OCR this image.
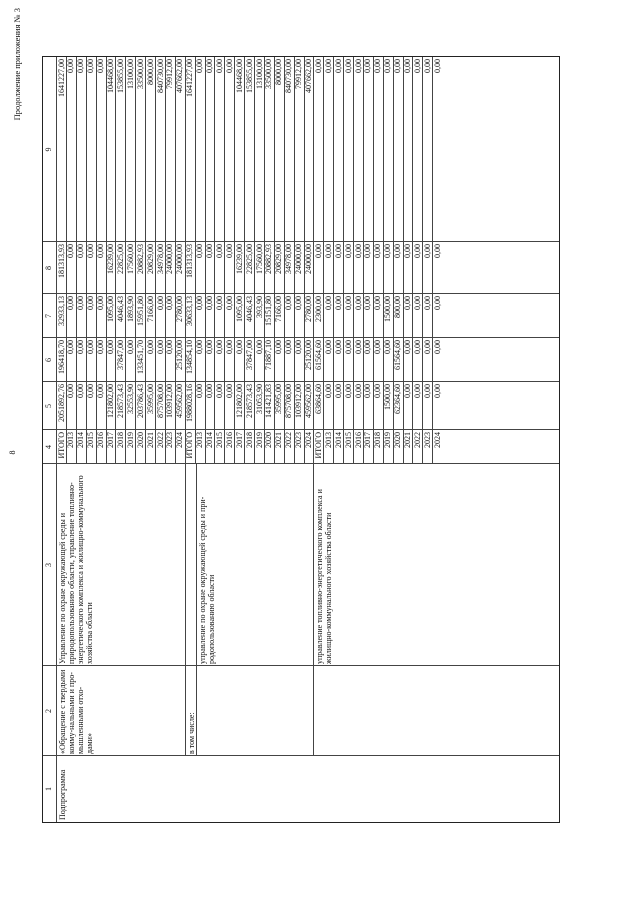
8
Продолжение приложения № 3
1
2
3
4
5
6
7
8
9
Подпрограмма
«Обращение с твердыми комму-нальными и про-мышленными отхо-дами»	в том числе:
Управление по охране окружающей среды и природопользованию области, управление топливно-энергетического комплекса и жилищно-коммунального хозяйства области
ИТОГО
2051892,76
196418,70
32933,13
181313,93
1641227,00
2013
0,00
0,00
0,00
0,00
0,00
2014
0,00
0,00
0,00
0,00
0,00
2015
0,00
0,00
0,00
0,00
0,00
2016
0,00
0,00
0,00
0,00
0,00
2017
121802,00
0,00
1095,00
16239,00
104468,00
2018
218573,43
37847,00
4046,43
22825,00
153855,00
2019
32553,90
0,00
1893,90
17560,00
13100,00
2020
203786,43
133451,70
15951,80
20882,93
33500,00
2021
35995,00
0,00
7166,00
20829,00
8000,00
2022
875708,00
0,00
0,00
34978,00
840730,00
2023
103912,00
0,00
0,00
24000,00
79912,00
2024
459562,00
25120,00
2780,00
24000,00
407662,00
управление по охране окружающей среды и при-родопользованию области
ИТОГО
1988028,16
134854,10
30633,13
181313,93
1641227,00
2013
0,00
0,00
0,00
0,00
0,00
2014
0,00
0,00
0,00
0,00
0,00
2015
0,00
0,00
0,00
0,00
0,00
2016
0,00
0,00
0,00
0,00
0,00
2017
121802,00
0,00
1095,00
16239,00
104468,00
2018
218573,43
37847,00
4046,43
22825,00
153855,00
2019
31053,90
0,00
393,90
17560,00
13100,00
2020
141421,83
71887,10
15151,80
20882,93
33500,00
2021
35995,00
0,00
7166,00
20829,00
8000,00
2022
875708,00
0,00
0,00
34978,00
840730,00
2023
103912,00
0,00
0,00
24000,00
79912,00
2024
459562,00
25120,00
2780,00
24000,00
407662,00
управление топливно-энергетического комплекса и жилищно-коммунального хозяйства области
ИТОГО
63864,60
61564,60
2300,00
0,00
0,00
2013
0,00
0,00
0,00
0,00
0,00
2014
0,00
0,00
0,00
0,00
0,00
2015
0,00
0,00
0,00
0,00
0,00
2016
0,00
0,00
0,00
0,00
0,00
2017
0,00
0,00
0,00
0,00
0,00
2018
0,00
0,00
0,00
0,00
0,00
2019
1500,00
0,00
1500,00
0,00
0,00
2020
62364,60
61564,60
800,00
0,00
0,00
2021
0,00
0,00
0,00
0,00
0,00
2022
0,00
0,00
0,00
0,00
0,00
2023
0,00
0,00
0,00
0,00
0,00
2024
0,00
0,00
0,00
0,00
0,00
